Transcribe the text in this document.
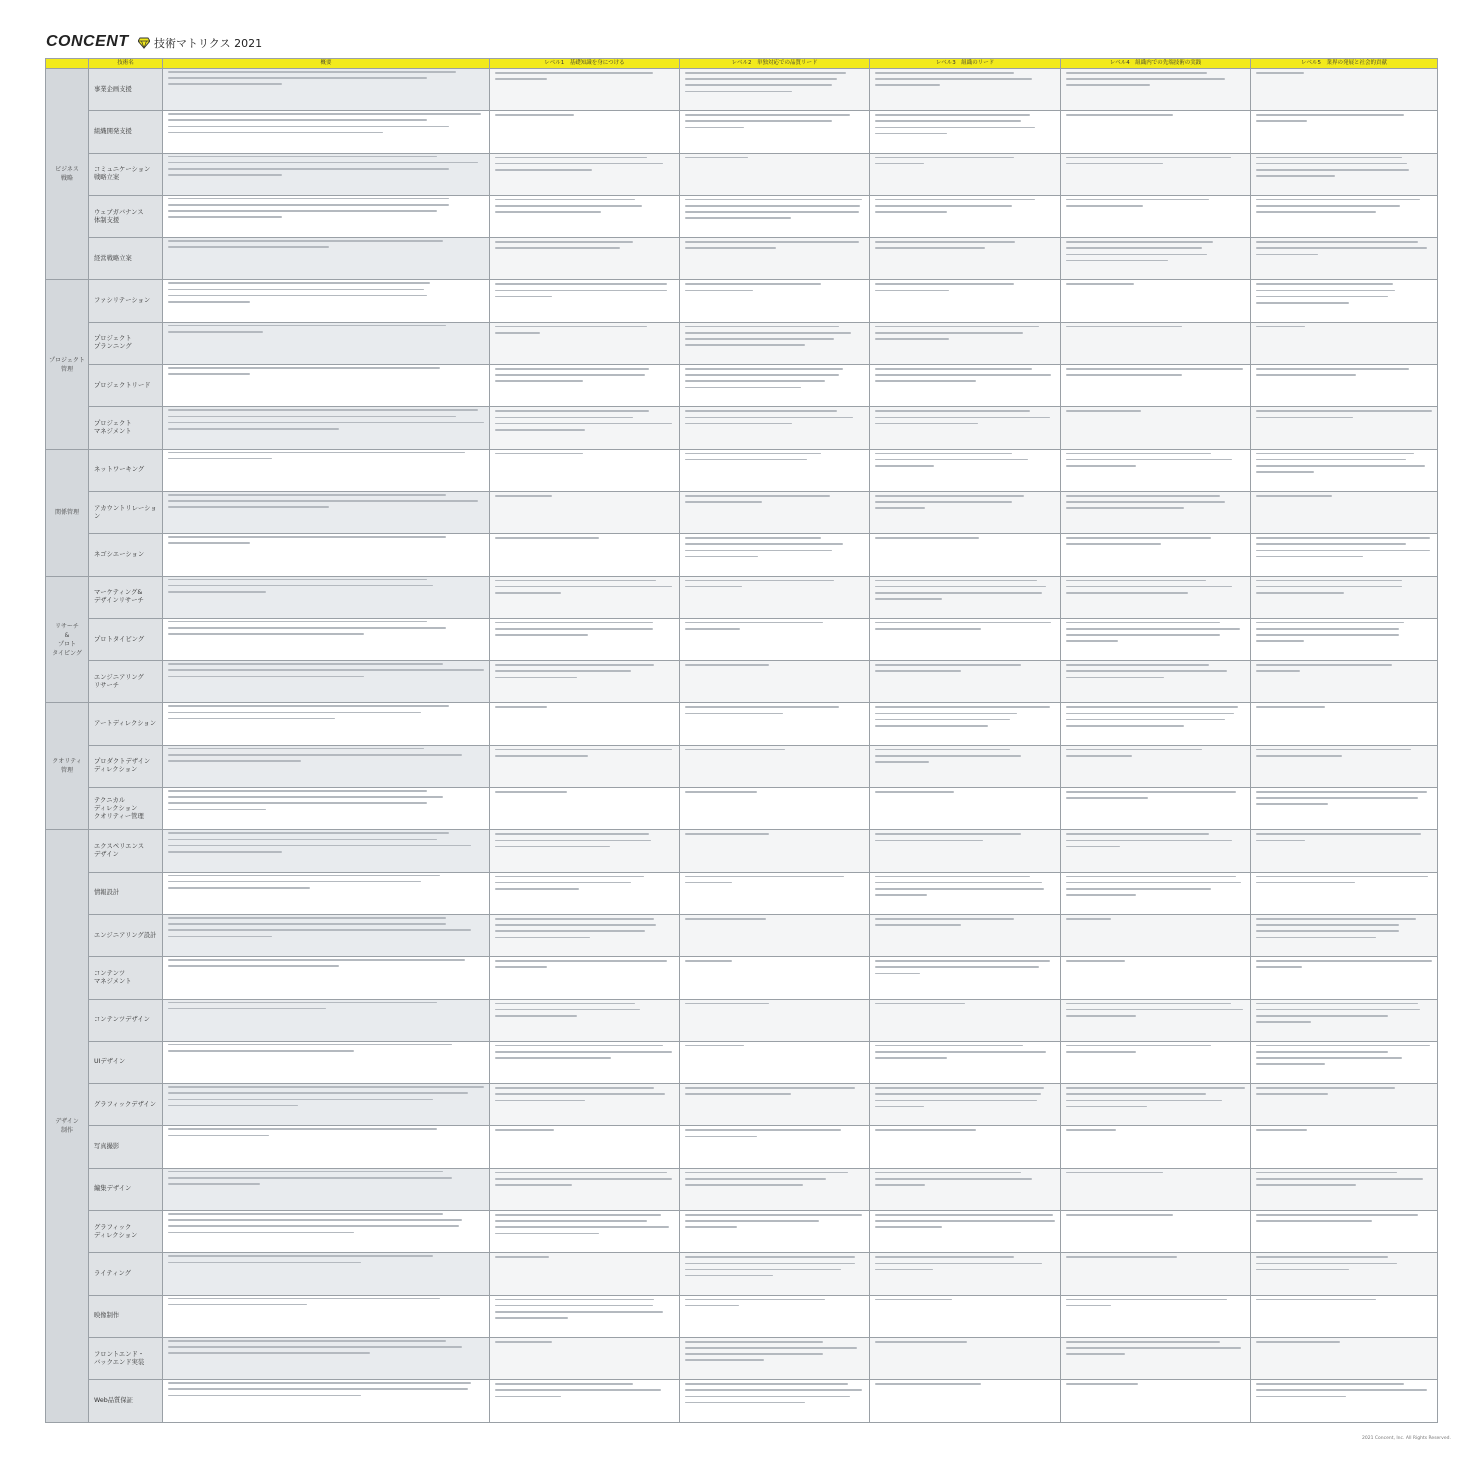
CONCENT 技術マトリクス 2021
	技術名	概要	レベル1　基礎知識を身につける	レベル2　単独対応での品質リード	レベル3　組織のリード	レベル4　組織内での先端技術の実践	レベル5　業界の発展と社会的貢献
ビジネス
戦略	事業企画支援	

	組織開発支援	

	コミュニケーション
戦略立案	

	ウェブガバナンス
体制支援	

	経営戦略立案	

プロジェクト
管理	ファシリテーション	

	プロジェクト
プランニング	

	プロジェクトリード	

	プロジェクト
マネジメント	

関係管理	ネットワーキング	

	アカウントリレーション	

	ネゴシエーション	

リサーチ
&
プロト
タイピング	マーケティング&
デザインリサーチ	

	プロトタイピング	

	エンジニアリング
リサーチ	

クオリティ
管理	アートディレクション	

	プロダクトデザイン
ディレクション	

	テクニカル
ディレクション
クオリティー管理	

デザイン
制作	エクスペリエンス
デザイン	

	情報設計	

	エンジニアリング設計	

	コンテンツ
マネジメント	

	コンテンツデザイン	

	UIデザイン	

	グラフィックデザイン	

	写真撮影	

	編集デザイン	

	グラフィック
ディレクション	

	ライティング	

	映像制作	

	フロントエンド・
バックエンド実装	

	Web品質保証	

2021 Concent, Inc. All Rights Reserved.
